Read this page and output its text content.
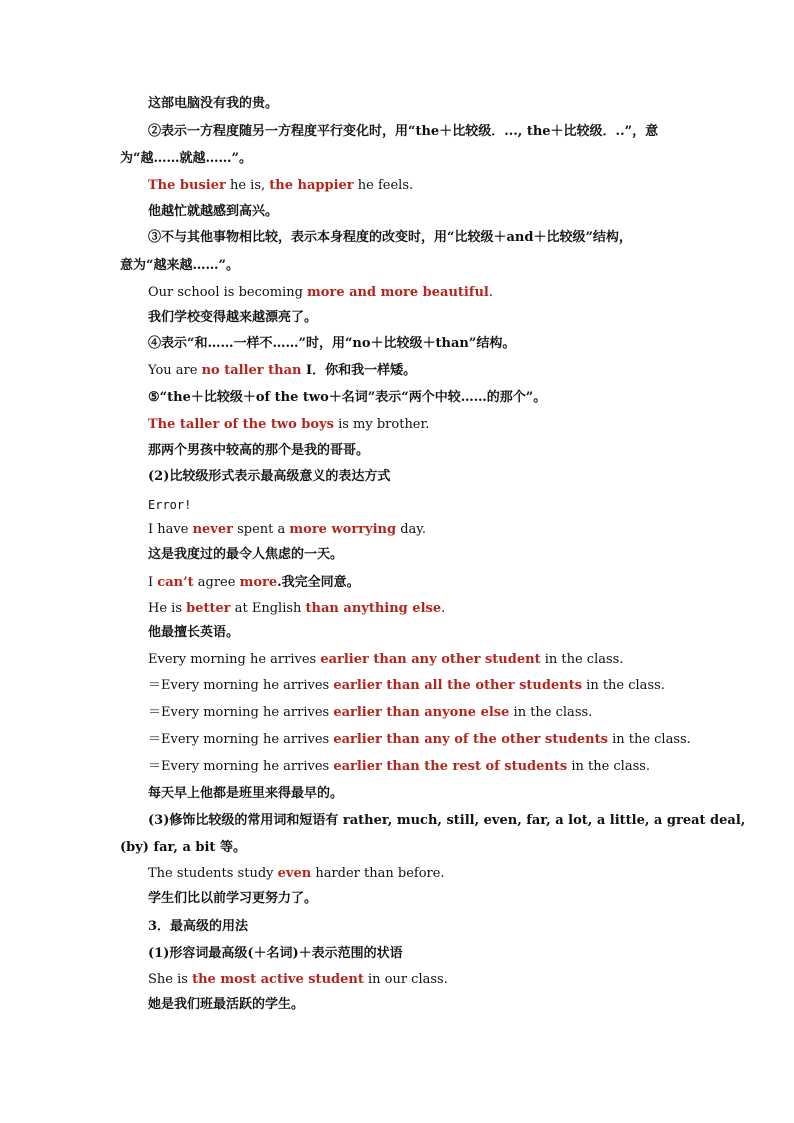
这部电脑没有我的贵。
②表示一方程度随另一方程度平行变化时，用“the＋比较级．..., the＋比较级．..”，意
为“越……就越……”。
The busier he is, the happier he feels.
他越忙就越感到高兴。
③不与其他事物相比较，表示本身程度的改变时，用“比较级＋and＋比较级”结构，
意为“越来越……”。
Our school is becoming more and more beautiful.
我们学校变得越来越漂亮了。
④表示“和……一样不……”时，用“no＋比较级＋than”结构。
You are no taller than I．你和我一样矮。
⑤“the＋比较级＋of the two＋名词”表示“两个中较……的那个”。
The taller of the two boys is my brother.
那两个男孩中较高的那个是我的哥哥。
(2)比较级形式表示最高级意义的表达方式
Error!
I have never spent a more worrying day.
这是我度过的最令人焦虑的一天。
I can’t agree more.我完全同意。
He is better at English than anything else.
他最擅长英语。
Every morning he arrives earlier than any other student in the class.
＝Every morning he arrives earlier than all the other students in the class.
＝Every morning he arrives earlier than anyone else in the class.
＝Every morning he arrives earlier than any of the other students in the class.
＝Every morning he arrives earlier than the rest of students in the class.
每天早上他都是班里来得最早的。
(3)修饰比较级的常用词和短语有 rather, much, still, even, far, a lot, a little, a great deal,
(by) far, a bit 等。
The students study even harder than before.
学生们比以前学习更努力了。
3．最高级的用法
(1)形容词最高级(＋名词)＋表示范围的状语
She is the most active student in our class.
她是我们班最活跃的学生。
